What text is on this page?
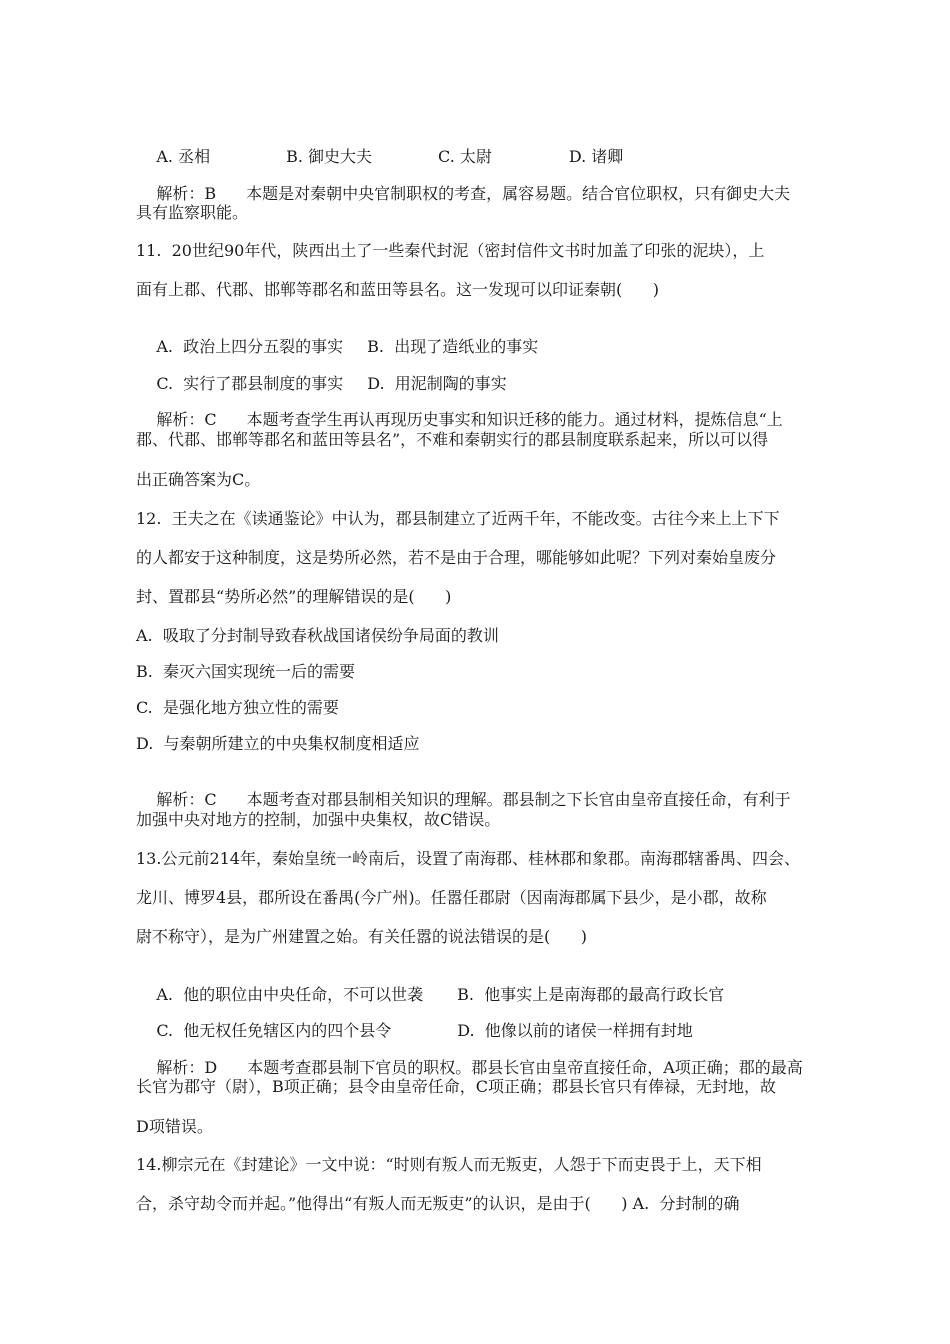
A. 丞相	B. 御史大夫	C. 太尉	D. 诸卿

解析：B 本题是对秦朝中央官制职权的考查，属容易题。结合官位职权，只有御史大夫

具有监察职能。
11.  20世纪90年代，陕西出土了一些秦代封泥（密封信件文书时加盖了印张的泥块），上
面有上郡、代郡、邯郸等郡名和蓝田等县名。这一发现可以印证秦朝(      )

A.  政治上四分五裂的事实 B.  出现了造纸业的事实

C.  实行了郡县制度的事实 D.  用泥制陶的事实

解析：C 本题考查学生再认再现历史事实和知识迁移的能力。通过材料，提炼信息“上

郡、代郡、邯郸等郡名和蓝田等县名”，不难和秦朝实行的郡县制度联系起来，所以可以得
出正确答案为C。
12.  王夫之在《读通鉴论》中认为，郡县制建立了近两千年，不能改变。古往今来上上下下
的人都安于这种制度，这是势所必然，若不是由于合理，哪能够如此呢？下列对秦始皇废分
封、置郡县“势所必然”的理解错误的是(      )
A.  吸取了分封制导致春秋战国诸侯纷争局面的教训
B.  秦灭六国实现统一后的需要
C.  是强化地方独立性的需要
D.  与秦朝所建立的中央集权制度相适应

解析：C 本题考查对郡县制相关知识的理解。郡县制之下长官由皇帝直接任命，有利于

加强中央对地方的控制，加强中央集权，故C错误。
13.公元前214年，秦始皇统一岭南后，设置了南海郡、桂林郡和象郡。南海郡辖番禺、四会、
龙川、博罗4县，郡所设在番禺(今广州)。任嚣任郡尉（因南海郡属下县少，是小郡，故称
尉不称守），是为广州建置之始。有关任嚣的说法错误的是(      )

A.  他的职位由中央任命，不可以世袭 B.  他事实上是南海郡的最高行政长官

C.  他无权任免辖区内的四个县令	D.  他像以前的诸侯一样拥有封地

解析：D 本题考查郡县制下官员的职权。郡县长官由皇帝直接任命，A项正确；郡的最高

长官为郡守（尉），B项正确；县令由皇帝任命，C项正确；郡县长官只有俸禄，无封地，故
D项错误。
14.柳宗元在《封建论》一文中说：“时则有叛人而无叛吏，人怨于下而吏畏于上，天下相
合，杀守劫令而并起。”他得出“有叛人而无叛吏”的认识，是由于(      ) A.  分封制的确
